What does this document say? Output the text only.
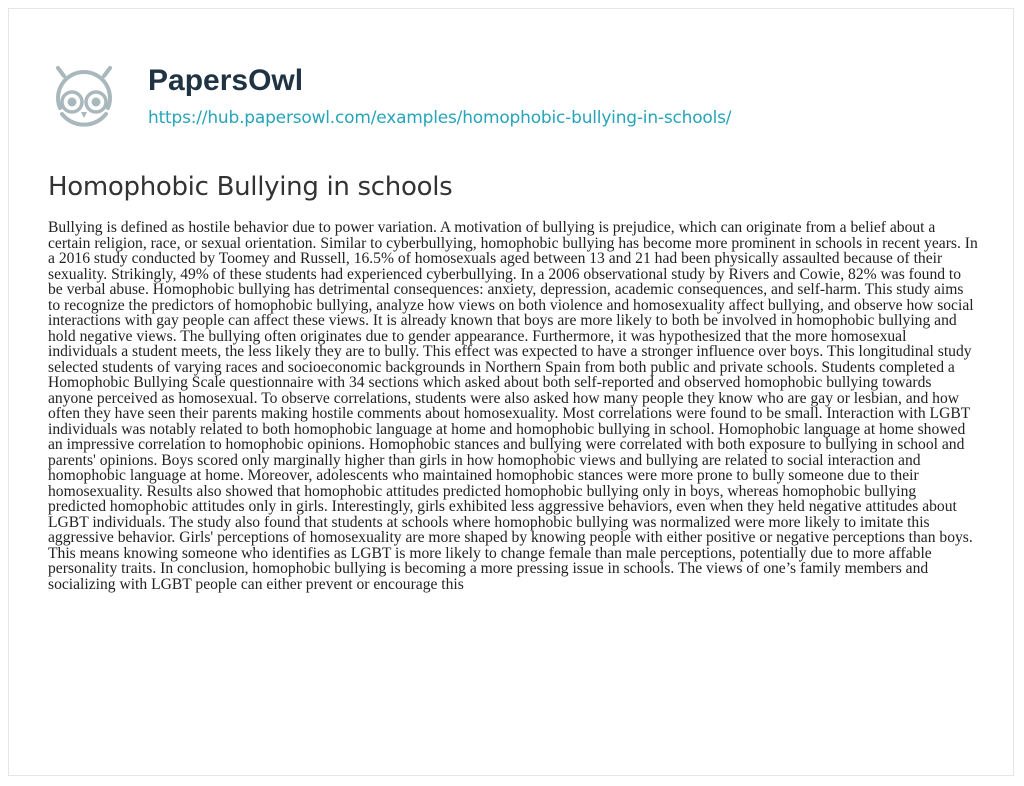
PapersOwl
https://hub.papersowl.com/examples/homophobic-bullying-in-schools/
Homophobic Bullying in schools

Bullying is defined as hostile behavior due to power variation. A motivation of bullying is prejudice, which can originate from a belief about a certain religion, race, or sexual orientation. Similar to cyberbullying, homophobic bullying has become more prominent in schools in recent years. In a 2016 study conducted by Toomey and Russell, 16.5% of homosexuals aged between 13 and 21 had been physically assaulted because of their sexuality. Strikingly, 49% of these students had experienced cyberbullying. In a 2006 observational study by Rivers and Cowie, 82% was found to be verbal abuse. Homophobic bullying has detrimental consequences: anxiety, depression, academic consequences, and self-harm. This study aims to recognize the predictors of homophobic bullying, analyze how views on both violence and homosexuality affect bullying, and observe how social interactions with gay people can affect these views. It is already known that boys are more likely to both be involved in homophobic bullying and hold negative views. The bullying often originates due to gender appearance. Furthermore, it was hypothesized that the more homosexual individuals a student meets, the less likely they are to bully. This effect was expected to have a stronger influence over boys. This longitudinal study selected students of varying races and socioeconomic backgrounds in Northern Spain from both public and private schools. Students completed a Homophobic Bullying Scale questionnaire with 34 sections which asked about both self-reported and observed homophobic bullying towards anyone perceived as homosexual. To observe correlations, students were also asked how many people they know who are gay or lesbian, and how often they have seen their parents making hostile comments about homosexuality. Most correlations were found to be small. Interaction with LGBT individuals was notably related to both homophobic language at home and homophobic bullying in school. Homophobic language at home showed an impressive correlation to homophobic opinions. Homophobic stances and bullying were correlated with both exposure to bullying in school and parents' opinions. Boys scored only marginally higher than girls in how homophobic views and bullying are related to social interaction and homophobic language at home. Moreover, adolescents who maintained homophobic stances were more prone to bully someone due to their homosexuality. Results also showed that homophobic attitudes predicted homophobic bullying only in boys, whereas homophobic bullying predicted homophobic attitudes only in girls. Interestingly, girls exhibited less aggressive behaviors, even when they held negative attitudes about LGBT individuals. The study also found that students at schools where homophobic bullying was normalized were more likely to imitate this aggressive behavior. Girls' perceptions of homosexuality are more shaped by knowing people with either positive or negative perceptions than boys. This means knowing someone who identifies as LGBT is more likely to change female than male perceptions, potentially due to more affable personality traits. In conclusion, homophobic bullying is becoming a more pressing issue in schools. The views of one’s family members and socializing with LGBT people can either prevent or encourage this
